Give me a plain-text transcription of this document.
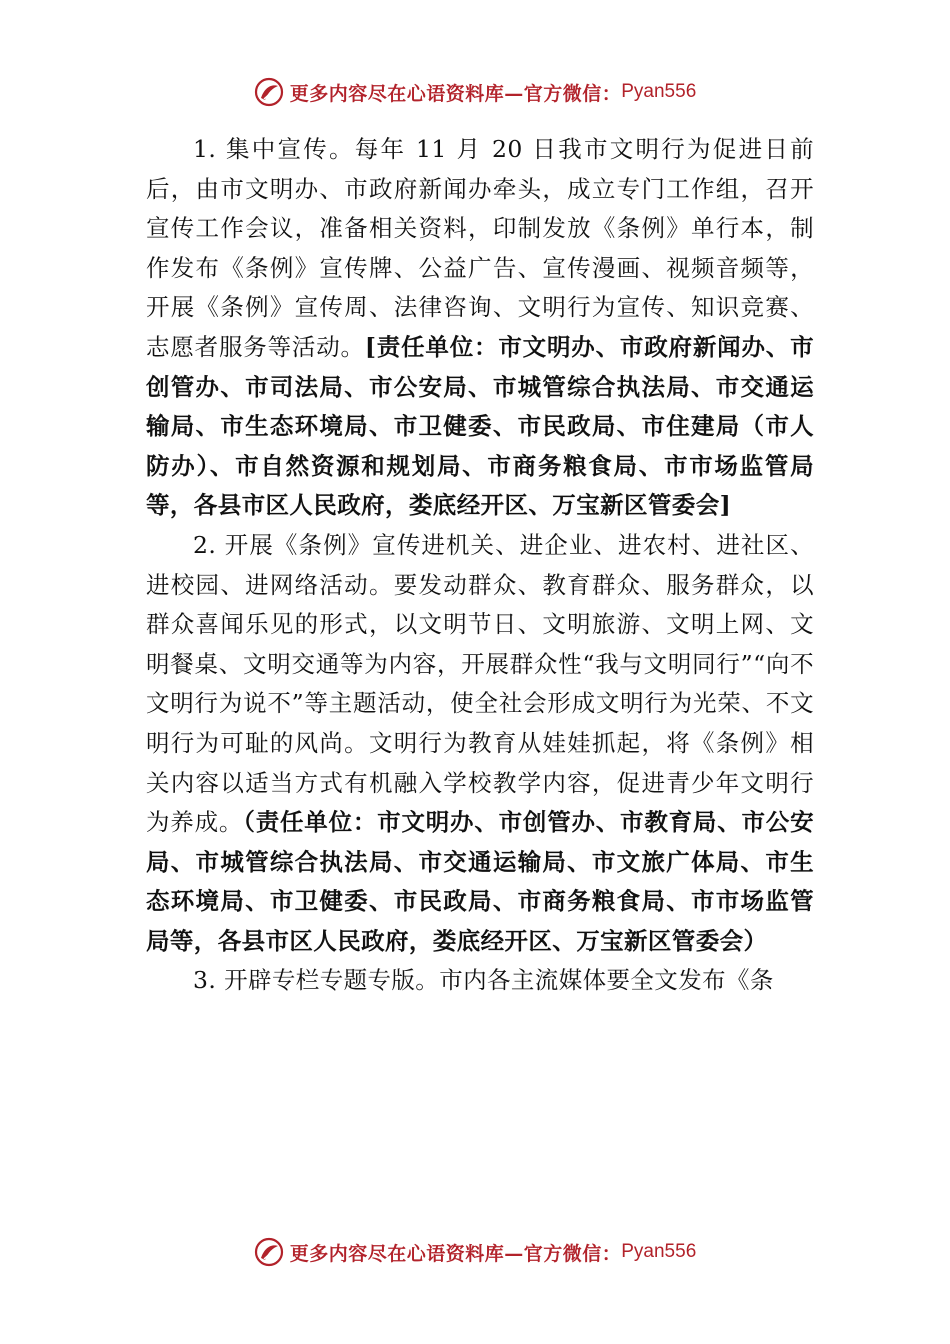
更多内容尽在心语资料库—官方微信： Pyan556

1. 集中宣传。每年 11 月 20 日我市文明行为促进日前后，由市文明办、市政府新闻办牵头，成立专门工作组，召开宣传工作会议，准备相关资料，印制发放《条例》单行本，制作发布《条例》宣传牌、公益广告、宣传漫画、视频音频等，开展《条例》宣传周、法律咨询、文明行为宣传、知识竞赛、志愿者服务等活动。[责任单位：市文明办、市政府新闻办、市创管办、市司法局、市公安局、市城管综合执法局、市交通运输局、市生态环境局、市卫健委、市民政局、市住建局（市人防办）、市自然资源和规划局、市商务粮食局、市市场监管局等，各县市区人民政府，娄底经开区、万宝新区管委会]

2. 开展《条例》宣传进机关、进企业、进农村、进社区、进校园、进网络活动。要发动群众、教育群众、服务群众，以群众喜闻乐见的形式，以文明节日、文明旅游、文明上网、文明餐桌、文明交通等为内容，开展群众性“我与文明同行”“向不文明行为说不”等主题活动，使全社会形成文明行为光荣、不文明行为可耻的风尚。文明行为教育从娃娃抓起，将《条例》相关内容以适当方式有机融入学校教学内容，促进青少年文明行为养成。（责任单位：市文明办、市创管办、市教育局、市公安局、市城管综合执法局、市交通运输局、市文旅广体局、市生态环境局、市卫健委、市民政局、市商务粮食局、市市场监管局等，各县市区人民政府，娄底经开区、万宝新区管委会）

3. 开辟专栏专题专版。市内各主流媒体要全文发布《条

更多内容尽在心语资料库—官方微信： Pyan556
